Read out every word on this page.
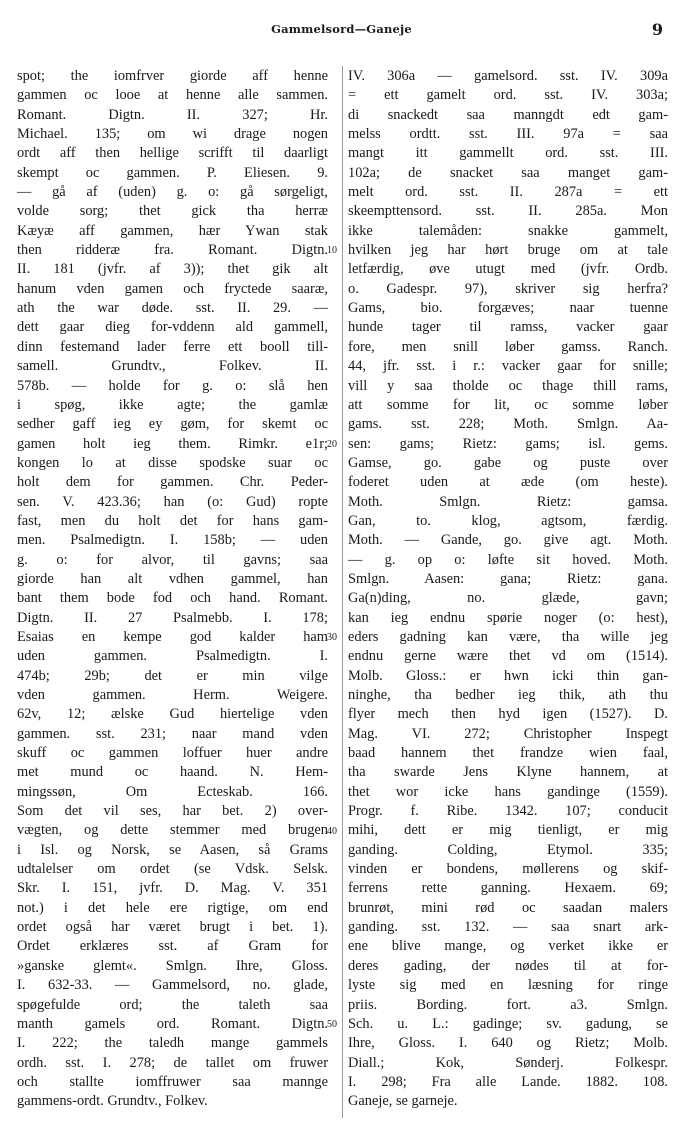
Gammelsord—Ganeje	9
spot; the iomfrver giorde aff henne
gammen oc looe at henne alle sammen.
Romant. Digtn. II. 327; Hr.
Michael. 135; om wi drage nogen
ordt aff then hellige scrifft til daarligt
skempt oc gammen. P. Eliesen. 9.
— gå af (uden) g. o: gå sørgeligt,
volde sorg; thet gick tha herræ
Kæyæ aff gammen, hær Ywan stak
then ridderæ fra. Romant. Digtn.
II. 181 (jvfr. af 3)); thet gik alt
hanum vden gamen och fryctede saaræ,
ath the war døde. sst. II. 29. —
dett gaar dieg for-vddenn ald gammell,
dinn festemand lader ferre ett booll till-
samell. Grundtv., Folkev. II.
578b. — holde for g. o: slå hen
i spøg, ikke agte; the gamlæ
sedher gaff ieg ey gøm, for skemt oc
gamen holt ieg them. Rimkr. e1r;
kongen lo at disse spodske suar oc
holt dem for gammen. Chr. Peder-
sen. V. 423.36; han (o: Gud) ropte
fast, men du holt det for hans gam-
men. Psalmedigtn. I. 158b; — uden
g. o: for alvor, til gavns; saa
giorde han alt vdhen gammel, han
bant them bode fod och hand. Romant.
Digtn. II. 27 Psalmebb. I. 178;
Esaias en kempe god kalder ham
uden gammen. Psalmedigtn. I.
474b; 29b; det er min vilge
vden gammen. Herm. Weigere.
62v, 12; ælske Gud hiertelige vden
gammen. sst. 231; naar mand vden
skuff oc gammen loffuer huer andre
met mund oc haand. N. Hem-
mingssøn, Om Ecteskab. 166.
Som det vil ses, har bet. 2) over-
vægten, og dette stemmer med brugen
i Isl. og Norsk, se Aasen, så Grams
udtalelser om ordet (se Vdsk. Selsk.
Skr. I. 151, jvfr. D. Mag. V. 351
not.) i det hele ere rigtige, om end
ordet også har været brugt i bet. 1).
Ordet erklæres sst. af Gram for
»ganske glemt«. Smlgn. Ihre, Gloss.
I. 632-33. — Gammelsord, no. glade,
spøgefulde ord; the taleth saa
manth gamels ord. Romant. Digtn.
I. 222; the taledh mange gammels
ordh. sst. I. 278; de tallet om fruwer
och stallte iomffruwer saa mannge
gammens-ordt. Grundtv., Folkev.
10
20
30
40
50
IV. 306a — gamelsord. sst. IV. 309a
= ett gamelt ord. sst. IV. 303a;
di snackedt saa manngdt edt gam-
melss ordtt. sst. III. 97a = saa
mangt itt gammellt ord. sst. III.
102a; de snacket saa manget gam-
melt ord. sst. II. 287a = ett
skeempttensord. sst. II. 285a. Mon
ikke talemåden: snakke gammelt,
hvilken jeg har hørt bruge om at tale
letfærdig, øve utugt med (jvfr. Ordb.
o. Gadespr. 97), skriver sig herfra?
Gams, bio. forgæves; naar tuenne
hunde tager til ramss, vacker gaar
fore, men snill løber gamss. Ranch.
44, jfr. sst. i r.: vacker gaar for snille;
vill y saa tholde oc thage thill rams,
att somme for lit, oc somme løber
gams. sst. 228; Moth. Smlgn. Aa-
sen: gams; Rietz: gams; isl. gems.
Gamse, go. gabe og puste over
foderet uden at æde (om heste).
Moth. Smlgn. Rietz: gamsa.
Gan, to. klog, agtsom, færdig.
Moth. — Gande, go. give agt. Moth.
— g. op o: løfte sit hoved. Moth.
Smlgn. Aasen: gana; Rietz: gana.
Ga(n)ding, no. glæde, gavn;
kan ieg endnu spørie noger (o: hest),
eders gadning kan være, tha wille jeg
endnu gerne wære thet vd om (1514).
Molb. Gloss.: er hwn icki thin gan-
ninghe, tha bedher ieg thik, ath thu
flyer mech then hyd igen (1527). D.
Mag. VI. 272; Christopher Inspegt
baad hannem thet frandze wien faal,
tha swarde Jens Klyne hannem, at
thet wor icke hans gandinge (1559).
Progr. f. Ribe. 1342. 107; conducit
mihi, dett er mig tienligt, er mig
ganding. Colding, Etymol. 335;
vinden er bondens, møllerens og skif-
ferrens rette ganning. Hexaem. 69;
brunrøt, mini rød oc saadan malers
ganding. sst. 132. — saa snart ark-
ene blive mange, og verket ikke er
deres gading, der nødes til at for-
lyste sig med en læsning for ringe
priis. Bording. fort. a3. Smlgn.
Sch. u. L.: gadinge; sv. gadung, se
Ihre, Gloss. I. 640 og Rietz; Molb.
Diall.; Kok, Sønderj. Folkespr.
I. 298; Fra alle Lande. 1882. 108.
Ganeje, se garneje.
